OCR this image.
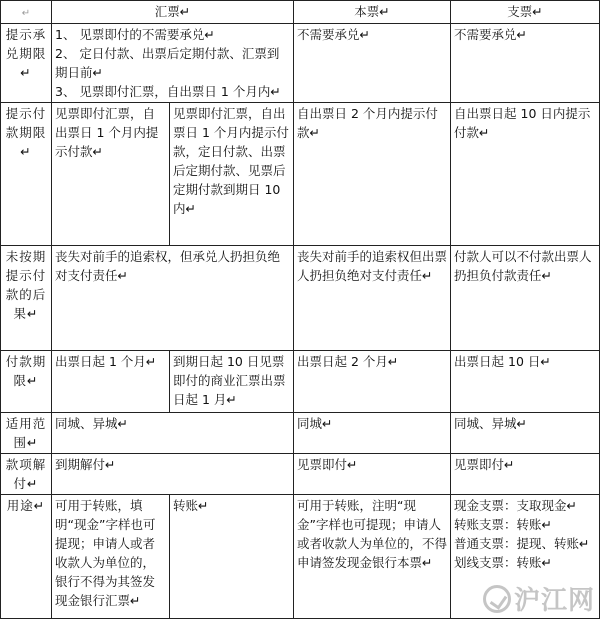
↵	汇票↵		本票↵	支票↵
提示承兑期限↵	1、 见票即付的不需要承兑↵
2、 定日付款、出票后定期付款、汇票到期日前↵
3、 见票即付汇票，自出票日 1 个月内↵		不需要承兑↵	不需要承兑↵
提示付款期限↵	见票即付汇票，自出票日 1 个月内提示付款↵	见票即付汇票，自出票日 1 个月内提示付款，定日付款、出票后定期付款、见票后定期付款到期日 10 内↵	自出票日 2 个月内提示付款↵	自出票日起 10 日内提示付款↵
未按期提示付款的后果↵	丧失对前手的追索权，但承兑人扔担负绝对支付责任↵		丧失对前手的追索权但出票人扔担负绝对支付责任↵	付款人可以不付款出票人扔担负付款责任↵
付款期限↵	出票日起 1 个月↵	到期日起 10 日见票即付的商业汇票出票日起 1 月↵	出票日起 2 个月↵	出票日起 10 日↵
适用范围↵	同城、异城↵		同城↵	同城、异城↵
款项解付↵	到期解付↵		见票即付↵	见票即付↵
用途↵	可用于转账，填明“现金”字样也可提现；申请人或者收款人为单位的，银行不得为其签发现金银行汇票↵	转账↵	可用于转账，注明“现金”字样也可提现；申请人或者收款人为单位的，不得申请签发现金银行本票↵	现金支票：支取现金↵
转账支票：转账↵
普通支票：提现、转账↵
划线支票：转账↵
沪江网
